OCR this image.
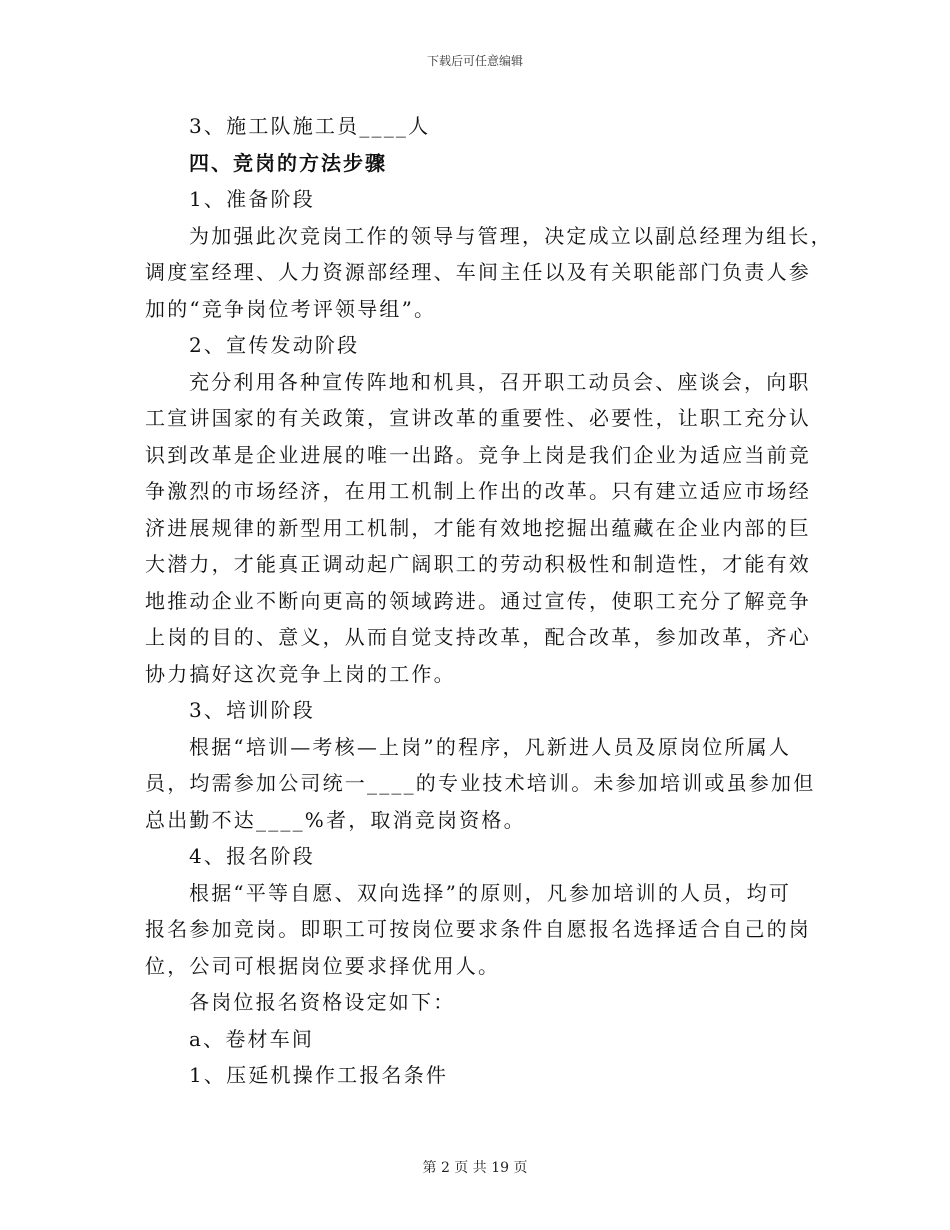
下载后可任意编辑
3、施工队施工员____人
四、竞岗的方法步骤
1、准备阶段
为加强此次竞岗工作的领导与管理，决定成立以副总经理为组长，
调度室经理、人力资源部经理、车间主任以及有关职能部门负责人参
加的“竞争岗位考评领导组”。
2、宣传发动阶段
充分利用各种宣传阵地和机具，召开职工动员会、座谈会，向职
工宣讲国家的有关政策，宣讲改革的重要性、必要性，让职工充分认
识到改革是企业进展的唯一出路。竞争上岗是我们企业为适应当前竞
争激烈的市场经济，在用工机制上作出的改革。只有建立适应市场经
济进展规律的新型用工机制，才能有效地挖掘出蕴藏在企业内部的巨
大潜力，才能真正调动起广阔职工的劳动积极性和制造性，才能有效
地推动企业不断向更高的领域跨进。通过宣传，使职工充分了解竞争
上岗的目的、意义，从而自觉支持改革，配合改革，参加改革，齐心
协力搞好这次竞争上岗的工作。
3、培训阶段
根据“培训—考核—上岗”的程序，凡新进人员及原岗位所属人
员，均需参加公司统一____的专业技术培训。未参加培训或虽参加但
总出勤不达____%者，取消竞岗资格。
4、报名阶段
根据“平等自愿、双向选择”的原则，凡参加培训的人员，均可
报名参加竞岗。即职工可按岗位要求条件自愿报名选择适合自己的岗
位，公司可根据岗位要求择优用人。
各岗位报名资格设定如下：
a、卷材车间
1、压延机操作工报名条件
第 2 页 共 19 页
